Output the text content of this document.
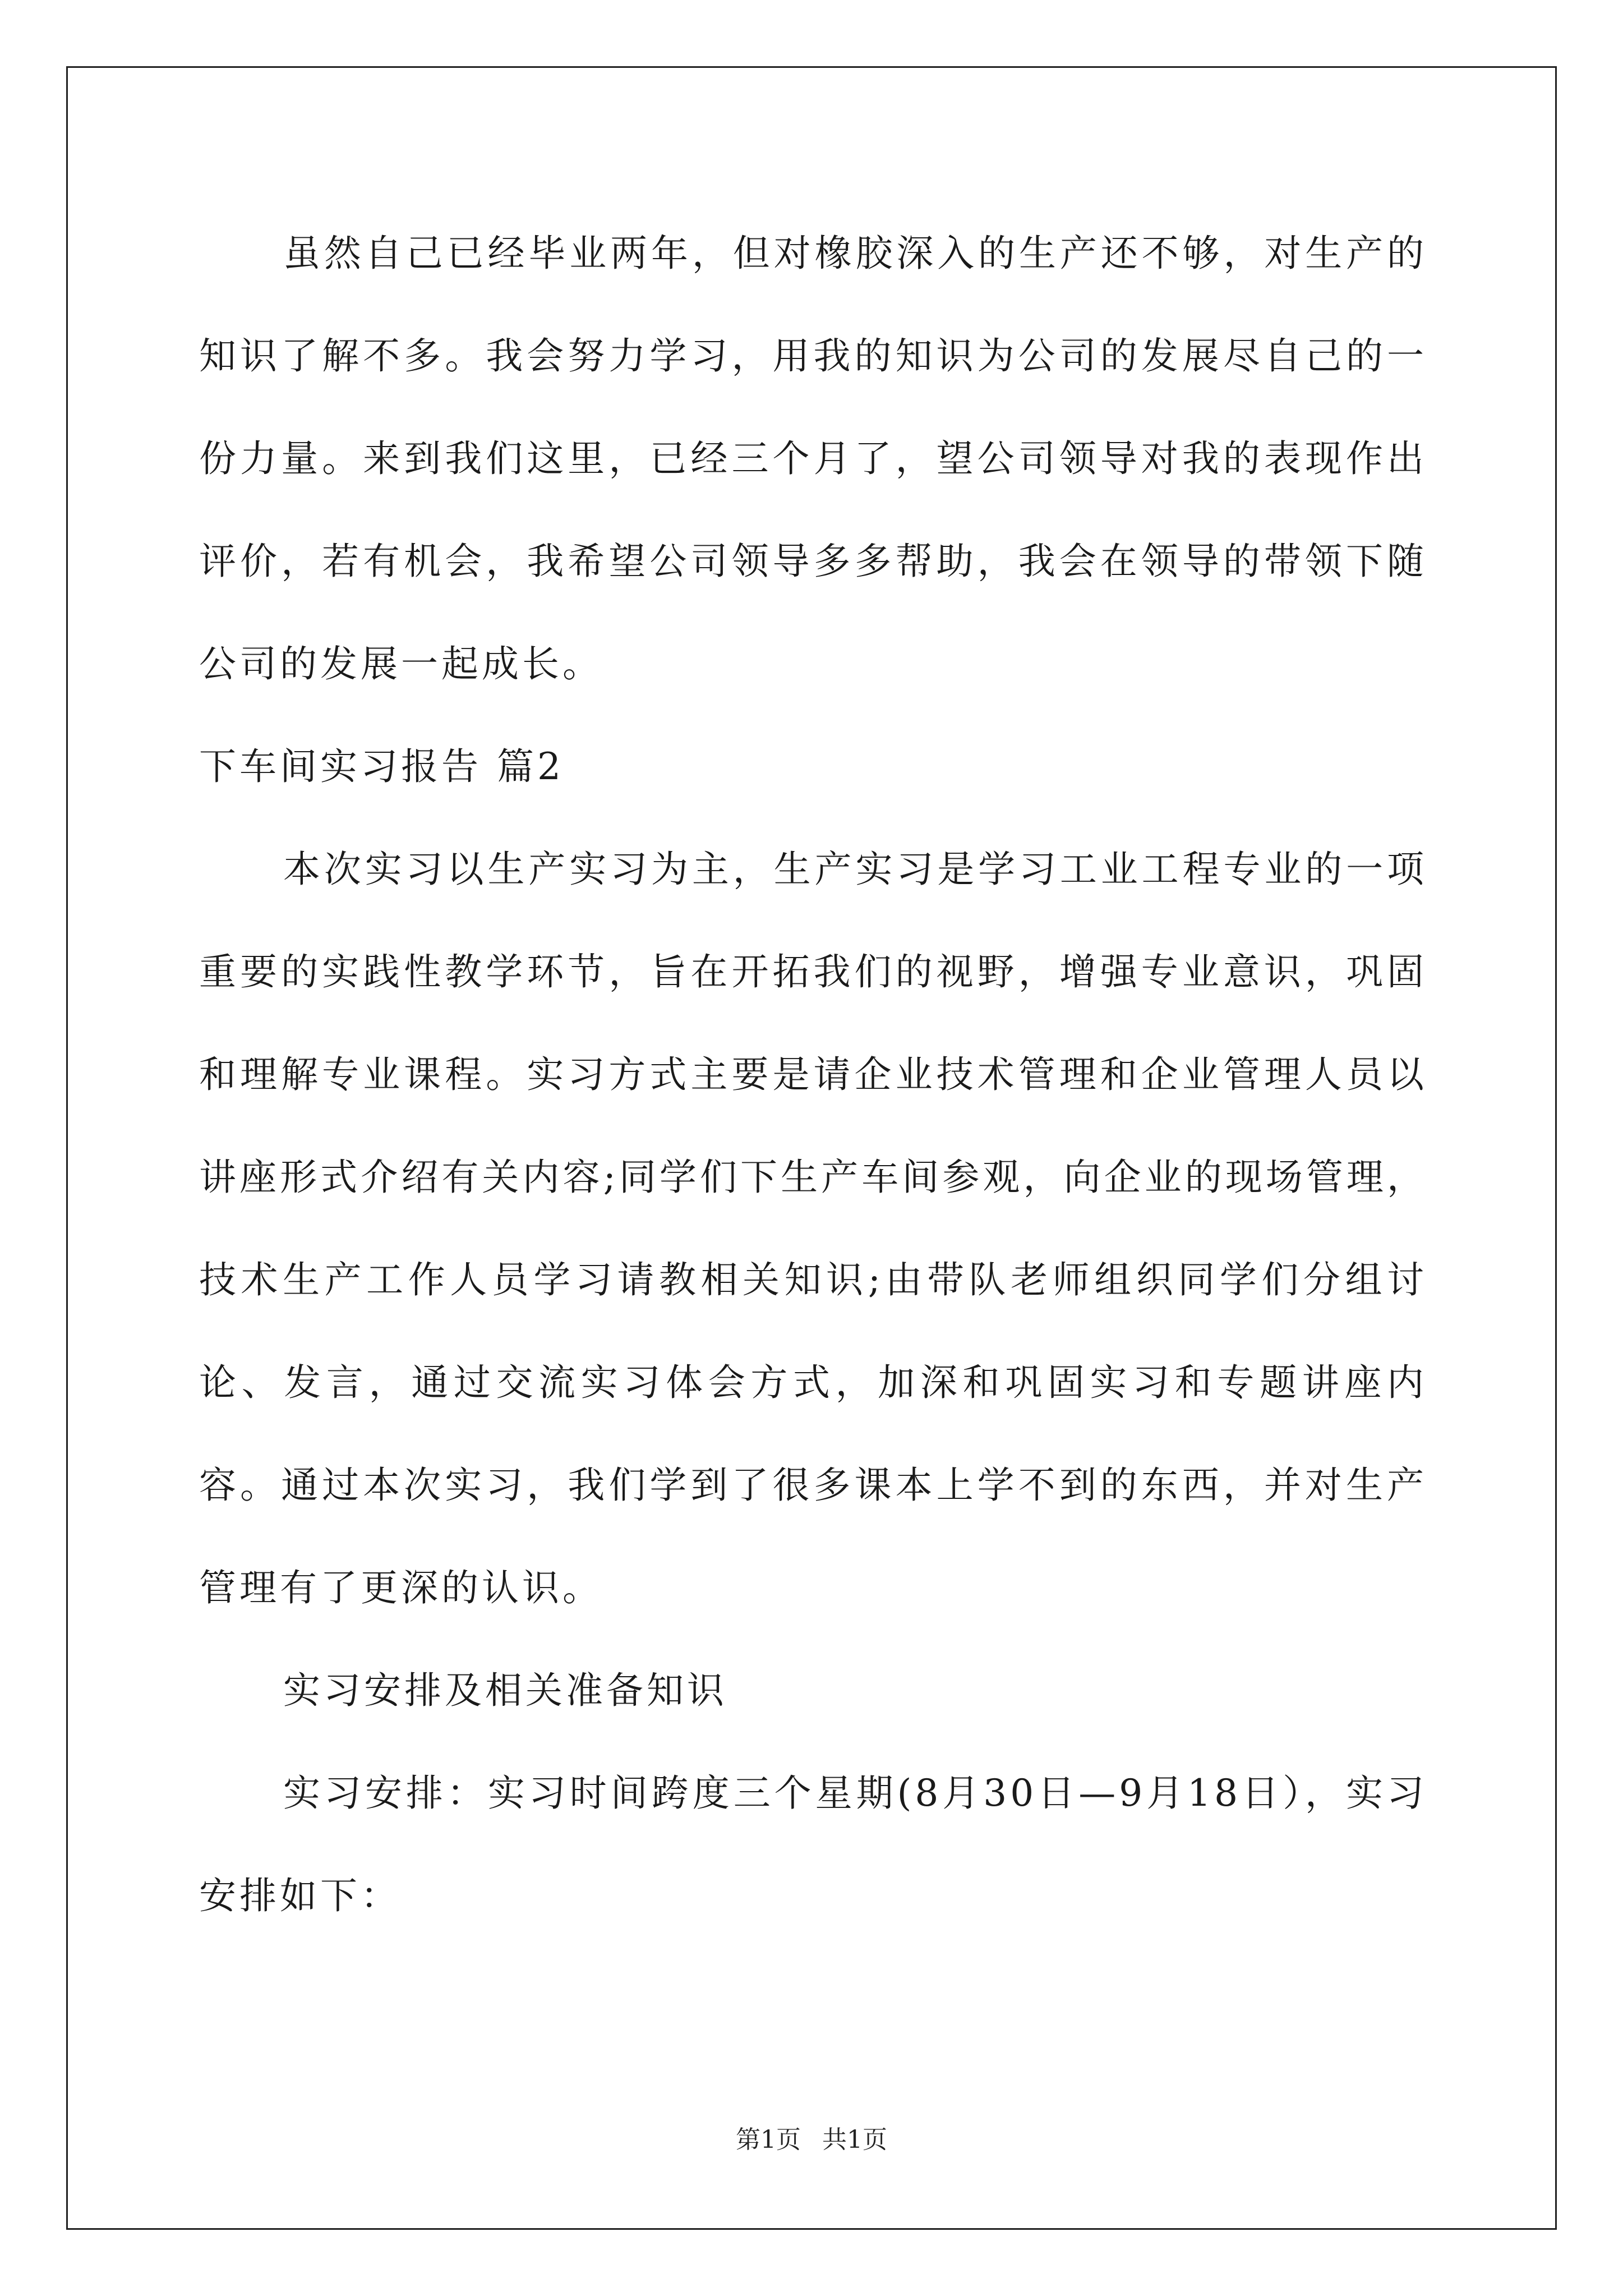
虽然自己已经毕业两年，但对橡胶深入的生产还不够，对生产的知识了解不多。我会努力学习，用我的知识为公司的发展尽自己的一份力量。来到我们这里，已经三个月了，望公司领导对我的表现作出评价，若有机会，我希望公司领导多多帮助，我会在领导的带领下随公司的发展一起成长。

下车间实习报告 篇2

本次实习以生产实习为主，生产实习是学习工业工程专业的一项重要的实践性教学环节，旨在开拓我们的视野，增强专业意识，巩固和理解专业课程。实习方式主要是请企业技术管理和企业管理人员以讲座形式介绍有关内容;同学们下生产车间参观，向企业的现场管理，技术生产工作人员学习请教相关知识;由带队老师组织同学们分组讨论、发言，通过交流实习体会方式，加深和巩固实习和专题讲座内容。通过本次实习，我们学到了很多课本上学不到的东西，并对生产管理有了更深的认识。

实习安排及相关准备知识

实习安排：实习时间跨度三个星期(8月30日—9月18日），实习安排如下：

第1页 共1页
